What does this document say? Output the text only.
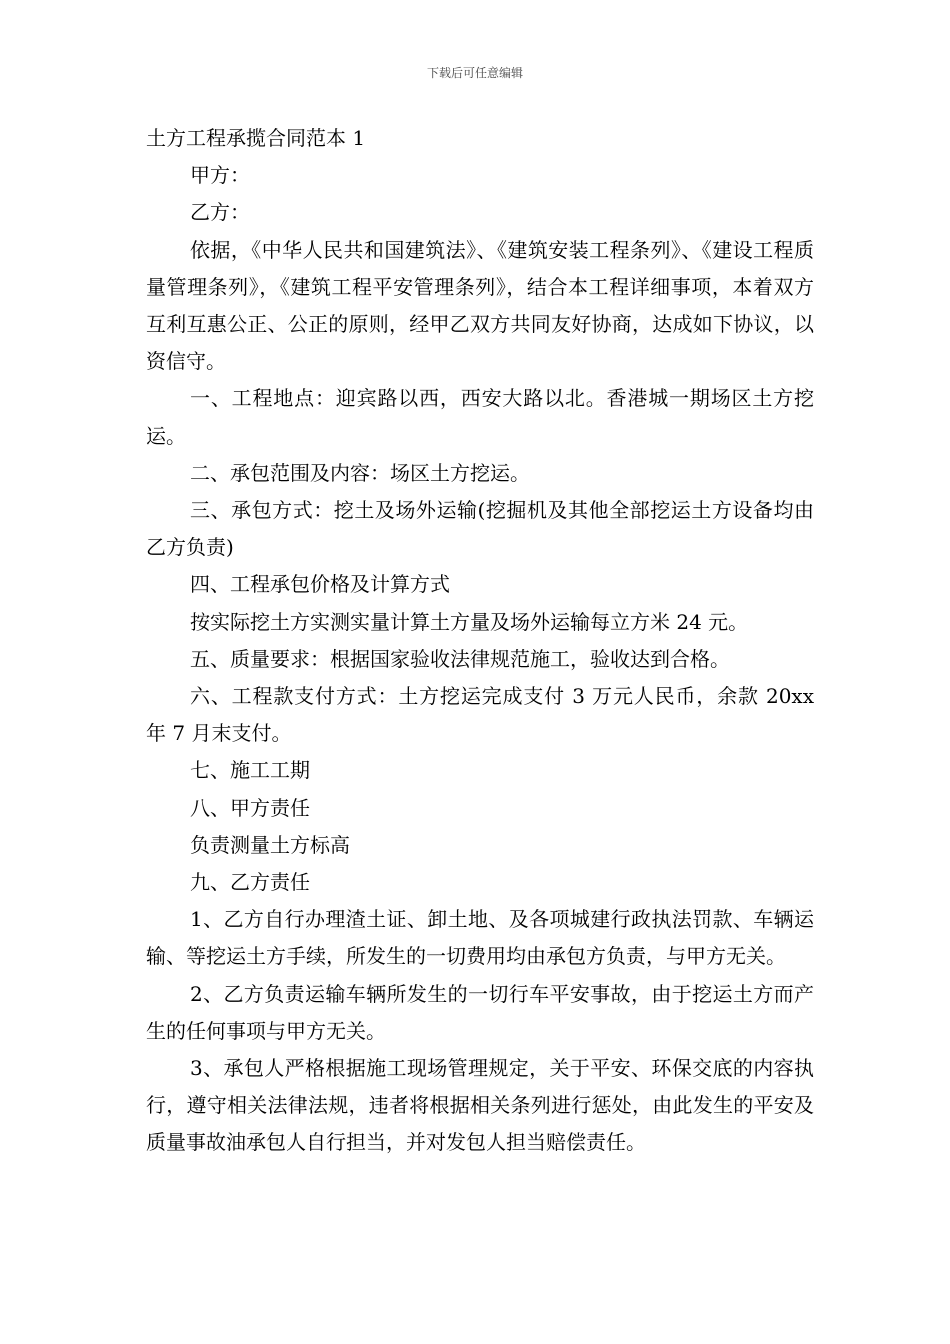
下载后可任意编辑

土方工程承揽合同范本 1

甲方：

乙方：

依据，《中华人民共和国建筑法》、《建筑安装工程条列》、《建设工程质量管理条列》，《建筑工程平安管理条列》，结合本工程详细事项，本着双方互利互惠公正、公正的原则，经甲乙双方共同友好协商，达成如下协议，以资信守。

一、工程地点：迎宾路以西，西安大路以北。香港城一期场区土方挖运。

二、承包范围及内容：场区土方挖运。

三、承包方式：挖土及场外运输(挖掘机及其他全部挖运土方设备均由乙方负责)

四、工程承包价格及计算方式

按实际挖土方实测实量计算土方量及场外运输每立方米 24 元。

五、质量要求：根据国家验收法律规范施工，验收达到合格。

六、工程款支付方式：土方挖运完成支付 3 万元人民币，余款 20xx 年 7 月末支付。

七、施工工期

八、甲方责任

负责测量土方标高

九、乙方责任

1、乙方自行办理渣土证、卸土地、及各项城建行政执法罚款、车辆运输、等挖运土方手续，所发生的一切费用均由承包方负责，与甲方无关。

2、乙方负责运输车辆所发生的一切行车平安事故，由于挖运土方而产生的任何事项与甲方无关。

3、承包人严格根据施工现场管理规定，关于平安、环保交底的内容执行，遵守相关法律法规，违者将根据相关条列进行惩处，由此发生的平安及质量事故油承包人自行担当，并对发包人担当赔偿责任。
